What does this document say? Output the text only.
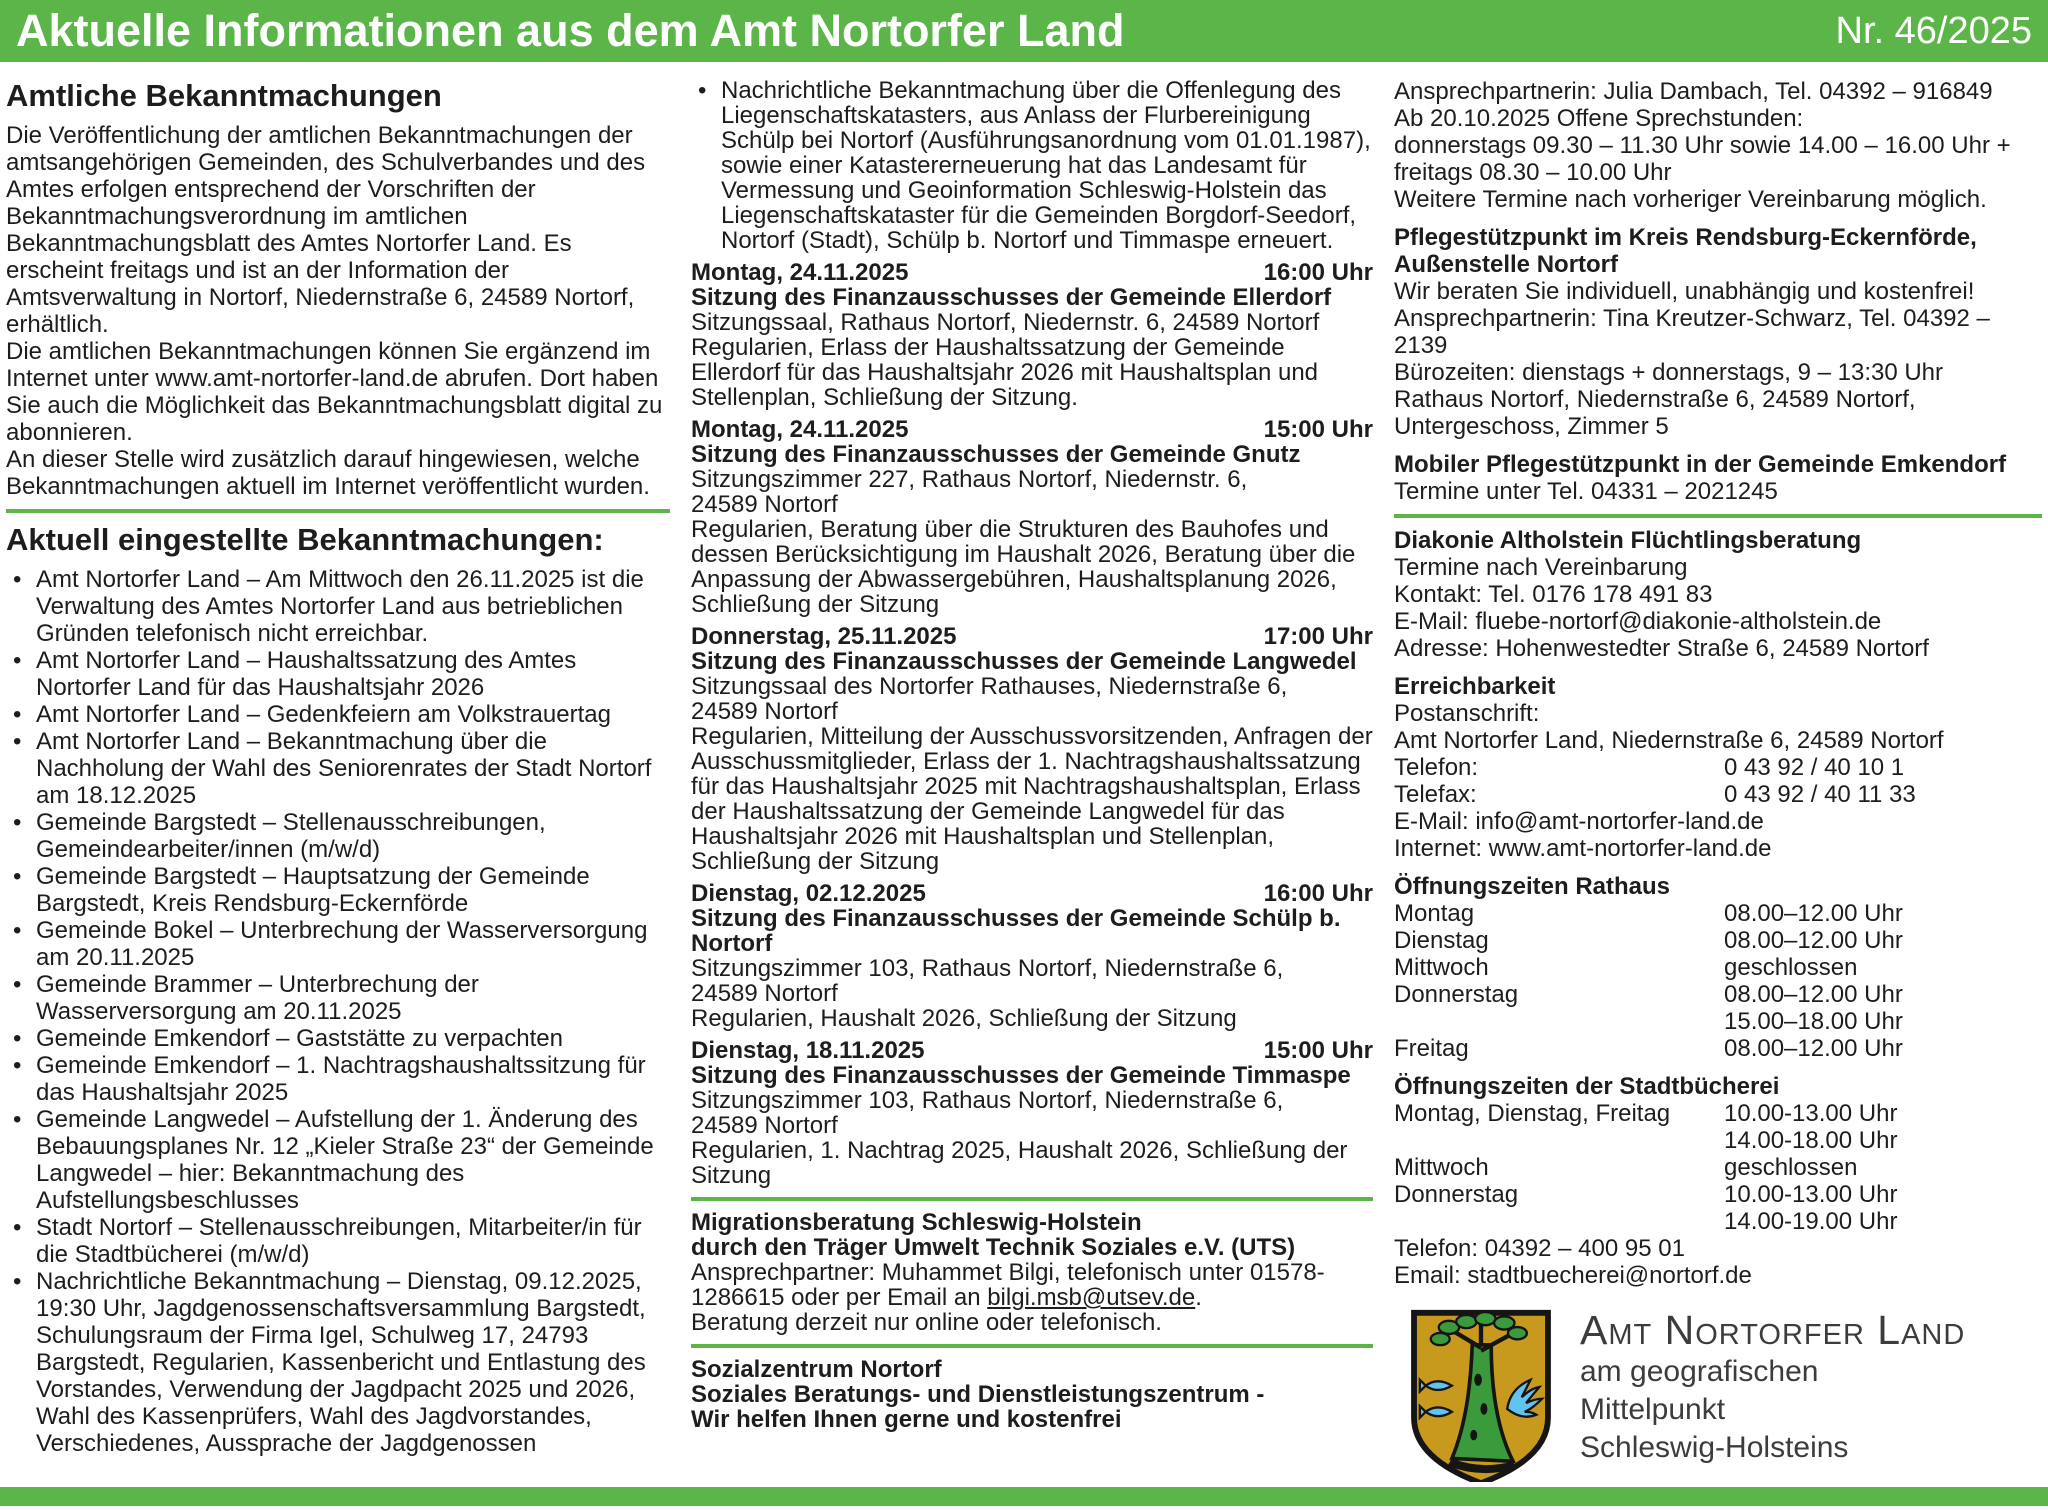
Aktuelle Informationen aus dem Amt Nortorfer Land	Nr. 46/2025
Amtliche Bekanntmachungen
Die Veröffentlichung der amtlichen Bekanntmachungen der amtsangehörigen Gemeinden, des Schulverbandes und des Amtes erfolgen entsprechend der Vorschriften der Bekanntmachungsverordnung im amtlichen Bekanntmachungsblatt des Amtes Nortorfer Land. Es erscheint freitags und ist an der Information der Amtsverwaltung in Nortorf, Niedernstraße 6, 24589 Nortorf, erhältlich.
Die amtlichen Bekanntmachungen können Sie ergänzend im Internet unter www.amt-nortorfer-land.de abrufen. Dort haben Sie auch die Möglichkeit das Bekanntmachungsblatt digital zu abonnieren.
An dieser Stelle wird zusätzlich darauf hingewiesen, welche Bekanntmachungen aktuell im Internet veröffentlicht wurden.
Aktuell eingestellte Bekanntmachungen:
• Amt Nortorfer Land – Am Mittwoch den 26.11.2025 ist die Verwaltung des Amtes Nortorfer Land aus betrieblichen Gründen telefonisch nicht erreichbar.
• Amt Nortorfer Land – Haushaltssatzung des Amtes Nortorfer Land für das Haushaltsjahr 2026
• Amt Nortorfer Land – Gedenkfeiern am Volkstrauertag
• Amt Nortorfer Land – Bekanntmachung über die Nachholung der Wahl des Seniorenrates der Stadt Nortorf am 18.12.2025
• Gemeinde Bargstedt – Stellenausschreibungen, Gemeindearbeiter/innen (m/w/d)
• Gemeinde Bargstedt – Hauptsatzung der Gemeinde Bargstedt, Kreis Rendsburg-Eckernförde
• Gemeinde Bokel – Unterbrechung der Wasserversorgung am 20.11.2025
• Gemeinde Brammer – Unterbrechung der Wasserversorgung am 20.11.2025
• Gemeinde Emkendorf – Gaststätte zu verpachten
• Gemeinde Emkendorf – 1. Nachtragshaushaltssitzung für das Haushaltsjahr 2025
• Gemeinde Langwedel – Aufstellung der 1. Änderung des Bebauungsplanes Nr. 12 „Kieler Straße 23“ der Gemeinde Langwedel – hier: Bekanntmachung des Aufstellungsbeschlusses
• Stadt Nortorf – Stellenausschreibungen, Mitarbeiter/in für die Stadtbücherei (m/w/d)
• Nachrichtliche Bekanntmachung – Dienstag, 09.12.2025, 19:30 Uhr, Jagdgenossenschaftsversammlung Bargstedt, Schulungsraum der Firma Igel, Schulweg 17, 24793 Bargstedt, Regularien, Kassenbericht und Entlastung des Vorstandes, Verwendung der Jagdpacht 2025 und 2026, Wahl des Kassenprüfers, Wahl des Jagdvorstandes, Verschiedenes, Aussprache der Jagdgenossen
• Nachrichtliche Bekanntmachung über die Offenlegung des Liegenschaftskatasters, aus Anlass der Flurbereinigung Schülp bei Nortorf (Ausführungsanordnung vom 01.01.1987), sowie einer Katastererneuerung hat das Landesamt für Vermessung und Geoinformation Schleswig-Holstein das Liegenschaftskataster für die Gemeinden Borgdorf-Seedorf, Nortorf (Stadt), Schülp b. Nortorf und Timmaspe erneuert.
Montag, 24.11.2025	16:00 Uhr
Sitzung des Finanzausschusses der Gemeinde Ellerdorf
Sitzungssaal, Rathaus Nortorf, Niedernstr. 6, 24589 Nortorf
Regularien, Erlass der Haushaltssatzung der Gemeinde Ellerdorf für das Haushaltsjahr 2026 mit Haushaltsplan und Stellenplan, Schließung der Sitzung.
Montag, 24.11.2025	15:00 Uhr
Sitzung des Finanzausschusses der Gemeinde Gnutz
Sitzungszimmer 227, Rathaus Nortorf, Niedernstr. 6,
24589 Nortorf
Regularien, Beratung über die Strukturen des Bauhofes und dessen Berücksichtigung im Haushalt 2026, Beratung über die Anpassung der Abwassergebühren, Haushaltsplanung 2026, Schließung der Sitzung
Donnerstag, 25.11.2025	17:00 Uhr
Sitzung des Finanzausschusses der Gemeinde Langwedel
Sitzungssaal des Nortorfer Rathauses, Niedernstraße 6,
24589 Nortorf
Regularien, Mitteilung der Ausschussvorsitzenden, Anfragen der Ausschussmitglieder, Erlass der 1. Nachtragshaushaltssatzung für das Haushaltsjahr 2025 mit Nachtragshaushaltsplan, Erlass der Haushaltssatzung der Gemeinde Langwedel für das Haushaltsjahr 2026 mit Haushaltsplan und Stellenplan, Schließung der Sitzung
Dienstag, 02.12.2025	16:00 Uhr
Sitzung des Finanzausschusses der Gemeinde Schülp b. Nortorf
Sitzungszimmer 103, Rathaus Nortorf, Niedernstraße 6,
24589 Nortorf
Regularien, Haushalt 2026, Schließung der Sitzung
Dienstag, 18.11.2025	15:00 Uhr
Sitzung des Finanzausschusses der Gemeinde Timmaspe
Sitzungszimmer 103, Rathaus Nortorf, Niedernstraße 6,
24589 Nortorf
Regularien, 1. Nachtrag 2025, Haushalt 2026, Schließung der Sitzung
Migrationsberatung Schleswig-Holstein
durch den Träger Umwelt Technik Soziales e.V. (UTS)
Ansprechpartner: Muhammet Bilgi, telefonisch unter 01578-1286615 oder per Email an bilgi.msb@utsev.de.
Beratung derzeit nur online oder telefonisch.
Sozialzentrum Nortorf
Soziales Beratungs- und Dienstleistungszentrum -
Wir helfen Ihnen gerne und kostenfrei
Ansprechpartnerin: Julia Dambach, Tel. 04392 – 916849
Ab 20.10.2025 Offene Sprechstunden:
donnerstags 09.30 – 11.30 Uhr sowie 14.00 – 16.00 Uhr +
freitags 08.30 – 10.00 Uhr
Weitere Termine nach vorheriger Vereinbarung möglich.
Pflegestützpunkt im Kreis Rendsburg-Eckernförde, Außenstelle Nortorf
Wir beraten Sie individuell, unabhängig und kostenfrei!
Ansprechpartnerin: Tina Kreutzer-Schwarz, Tel. 04392 – 2139
Bürozeiten: dienstags + donnerstags, 9 – 13:30 Uhr
Rathaus Nortorf, Niedernstraße 6, 24589 Nortorf,
Untergeschoss, Zimmer 5
Mobiler Pflegestützpunkt in der Gemeinde Emkendorf
Termine unter Tel. 04331 – 2021245
Diakonie Altholstein Flüchtlingsberatung
Termine nach Vereinbarung
Kontakt: Tel. 0176 178 491 83
E-Mail: fluebe-nortorf@diakonie-altholstein.de
Adresse: Hohenwestedter Straße 6, 24589 Nortorf
Erreichbarkeit
Postanschrift:
Amt Nortorfer Land, Niedernstraße 6, 24589 Nortorf
Telefon:	0 43 92 / 40 10 1
Telefax:	0 43 92 / 40 11 33
E-Mail: info@amt-nortorfer-land.de
Internet: www.amt-nortorfer-land.de
Öffnungszeiten Rathaus
Montag	08.00–12.00 Uhr
Dienstag	08.00–12.00 Uhr
Mittwoch	geschlossen
Donnerstag	08.00–12.00 Uhr
15.00–18.00 Uhr
Freitag	08.00–12.00 Uhr
Öffnungszeiten der Stadtbücherei
Montag, Dienstag, Freitag	10.00-13.00 Uhr
14.00-18.00 Uhr
Mittwoch	geschlossen
Donnerstag	10.00-13.00 Uhr
14.00-19.00 Uhr
Telefon: 04392 – 400 95 01
Email: stadtbuecherei@nortorf.de
Amt Nortorfer Land
am geografischen
Mittelpunkt
Schleswig-Holsteins
